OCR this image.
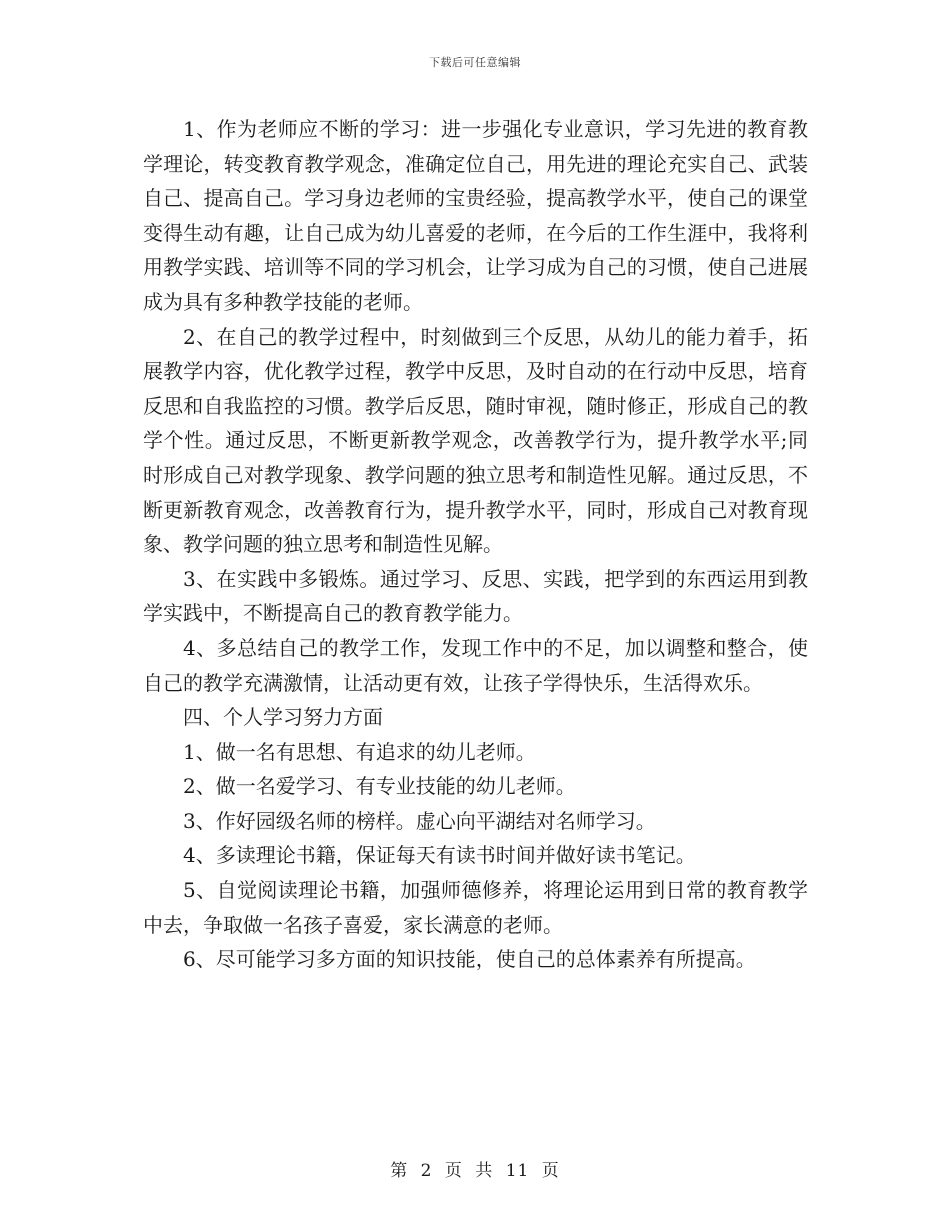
下载后可任意编辑

1、作为老师应不断的学习：进一步强化专业意识，学习先进的教育教学理论，转变教育教学观念，准确定位自己，用先进的理论充实自己、武装自己、提高自己。学习身边老师的宝贵经验，提高教学水平，使自己的课堂变得生动有趣，让自己成为幼儿喜爱的老师，在今后的工作生涯中，我将利用教学实践、培训等不同的学习机会，让学习成为自己的习惯，使自己进展成为具有多种教学技能的老师。

2、在自己的教学过程中，时刻做到三个反思，从幼儿的能力着手，拓展教学内容，优化教学过程，教学中反思，及时自动的在行动中反思，培育反思和自我监控的习惯。教学后反思，随时审视，随时修正，形成自己的教学个性。通过反思，不断更新教学观念，改善教学行为，提升教学水平;同时形成自己对教学现象、教学问题的独立思考和制造性见解。通过反思，不断更新教育观念，改善教育行为，提升教学水平，同时，形成自己对教育现象、教学问题的独立思考和制造性见解。

3、在实践中多锻炼。通过学习、反思、实践，把学到的东西运用到教学实践中，不断提高自己的教育教学能力。

4、多总结自己的教学工作，发现工作中的不足，加以调整和整合，使自己的教学充满激情，让活动更有效，让孩子学得快乐，生活得欢乐。

四、个人学习努力方面

1、做一名有思想、有追求的幼儿老师。

2、做一名爱学习、有专业技能的幼儿老师。

3、作好园级名师的榜样。虚心向平湖结对名师学习。

4、多读理论书籍，保证每天有读书时间并做好读书笔记。

5、自觉阅读理论书籍，加强师德修养，将理论运用到日常的教育教学中去，争取做一名孩子喜爱，家长满意的老师。

6、尽可能学习多方面的知识技能，使自己的总体素养有所提高。

第 2 页 共 11 页
